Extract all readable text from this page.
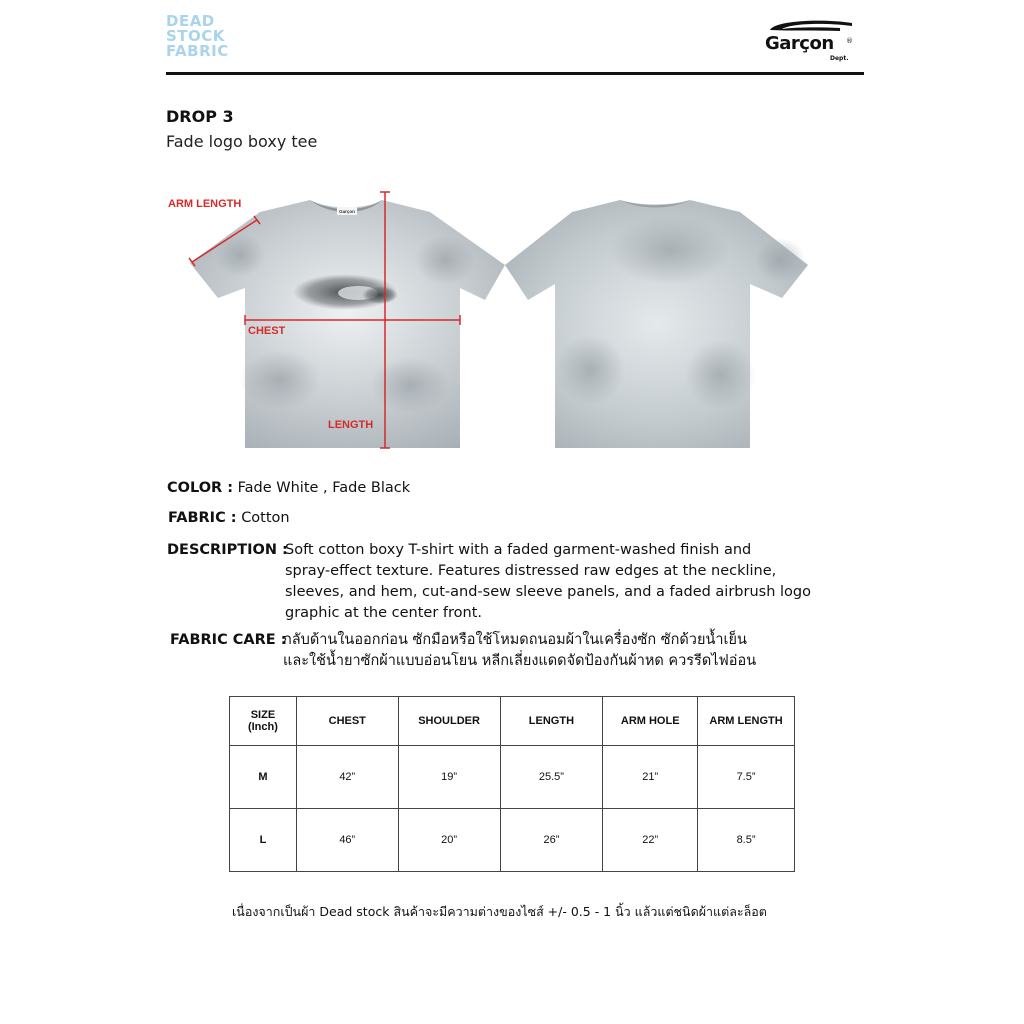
DEAD
STOCK
FABRIC	Garçon ®
Dept.
DROP 3
Fade logo boxy tee
Garçon
ARM LENGTH
CHEST
LENGTH
COLOR : Fade White , Fade Black
FABRIC : Cotton
DESCRIPTION :
Soft cotton boxy T-shirt with a faded garment-washed finish and
spray-effect texture. Features distressed raw edges at the neckline,
sleeves, and hem, cut-and-sew sleeve panels, and a faded airbrush logo
graphic at the center front.
FABRIC CARE :
กลับด้านในออกก่อน ซักมือหรือใช้โหมดถนอมผ้าในเครื่องซัก ซักด้วยน้ำเย็น
และใช้น้ำยาซักผ้าแบบอ่อนโยน หลีกเลี่ยงแดดจัดป้องกันผ้าหด ควรรีดไฟอ่อน
SIZE
(Inch)	CHEST	SHOULDER	LENGTH	ARM HOLE	ARM LENGTH
M	42”	19”	25.5”	21”	7.5”
L	46”	20”	26”	22”	8.5”
เนื่องจากเป็นผ้า Dead stock สินค้าจะมีความต่างของไซส์ +/- 0.5 - 1 นิ้ว แล้วแต่ชนิดผ้าแต่ละล็อต
